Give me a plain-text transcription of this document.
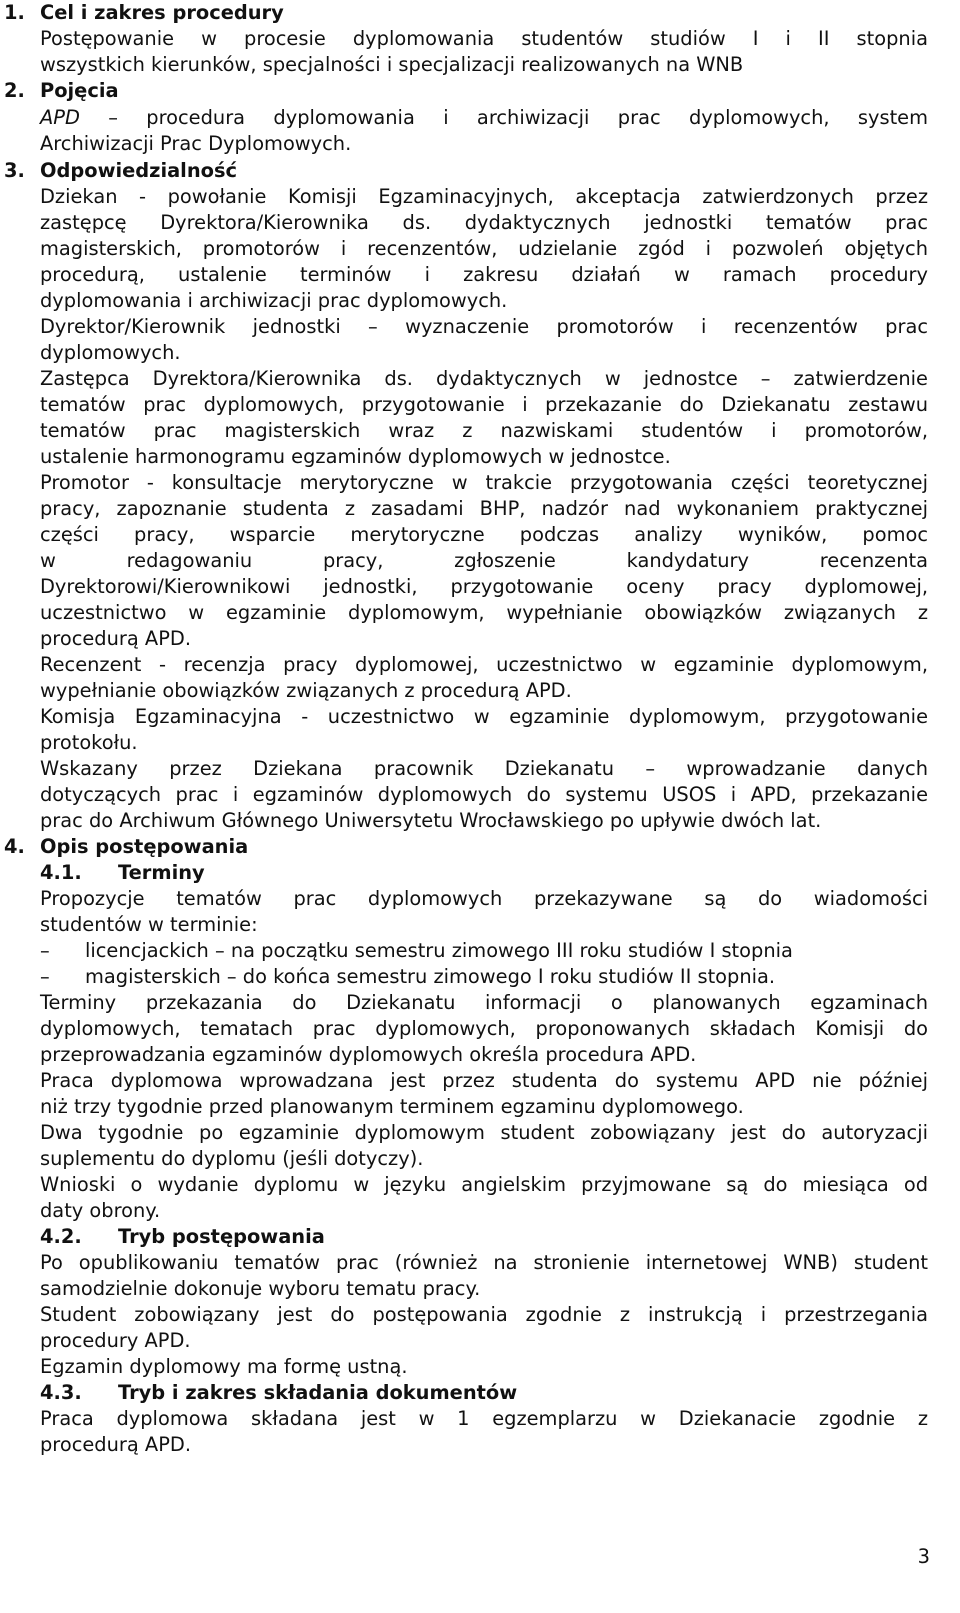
1. Cel i zakres procedury
Postępowanie w procesie dyplomowania studentów studiów I i II stopnia
wszystkich kierunków, specjalności i specjalizacji realizowanych na WNB
2. Pojęcia
APD – procedura dyplomowania i archiwizacji prac dyplomowych, system
Archiwizacji Prac Dyplomowych.
3. Odpowiedzialność
Dziekan - powołanie Komisji Egzaminacyjnych, akceptacja zatwierdzonych przez
zastępcę Dyrektora/Kierownika ds. dydaktycznych jednostki tematów prac
magisterskich, promotorów i recenzentów, udzielanie zgód i pozwoleń objętych
procedurą, ustalenie terminów i zakresu działań w ramach procedury
dyplomowania i archiwizacji prac dyplomowych.
Dyrektor/Kierownik jednostki – wyznaczenie promotorów i recenzentów prac
dyplomowych.
Zastępca Dyrektora/Kierownika ds. dydaktycznych w jednostce – zatwierdzenie
tematów prac dyplomowych, przygotowanie i przekazanie do Dziekanatu zestawu
tematów prac magisterskich wraz z nazwiskami studentów i promotorów,
ustalenie harmonogramu egzaminów dyplomowych w jednostce.
Promotor - konsultacje merytoryczne w trakcie przygotowania części teoretycznej
pracy, zapoznanie studenta z zasadami BHP, nadzór nad wykonaniem praktycznej
części pracy, wsparcie merytoryczne podczas analizy wyników, pomoc
w redagowaniu pracy, zgłoszenie kandydatury recenzenta
Dyrektorowi/Kierownikowi jednostki, przygotowanie oceny pracy dyplomowej,
uczestnictwo w egzaminie dyplomowym, wypełnianie obowiązków związanych z
procedurą APD.
Recenzent - recenzja pracy dyplomowej, uczestnictwo w egzaminie dyplomowym,
wypełnianie obowiązków związanych z procedurą APD.
Komisja Egzaminacyjna - uczestnictwo w egzaminie dyplomowym, przygotowanie
protokołu.
Wskazany przez Dziekana pracownik Dziekanatu – wprowadzanie danych
dotyczących prac i egzaminów dyplomowych do systemu USOS i APD, przekazanie
prac do Archiwum Głównego Uniwersytetu Wrocławskiego po upływie dwóch lat.
4. Opis postępowania
4.1. Terminy
Propozycje tematów prac dyplomowych przekazywane są do wiadomości
studentów w terminie:
– licencjackich – na początku semestru zimowego III roku studiów I stopnia
– magisterskich – do końca semestru zimowego I roku studiów II stopnia.
Terminy przekazania do Dziekanatu informacji o planowanych egzaminach
dyplomowych, tematach prac dyplomowych, proponowanych składach Komisji do
przeprowadzania egzaminów dyplomowych określa procedura APD.
Praca dyplomowa wprowadzana jest przez studenta do systemu APD nie później
niż trzy tygodnie przed planowanym terminem egzaminu dyplomowego.
Dwa tygodnie po egzaminie dyplomowym student zobowiązany jest do autoryzacji
suplementu do dyplomu (jeśli dotyczy).
Wnioski o wydanie dyplomu w języku angielskim przyjmowane są do miesiąca od
daty obrony.
4.2. Tryb postępowania
Po opublikowaniu tematów prac (również na stronienie internetowej WNB) student
samodzielnie dokonuje wyboru tematu pracy.
Student zobowiązany jest do postępowania zgodnie z instrukcją i przestrzegania
procedury APD.
Egzamin dyplomowy ma formę ustną.
4.3. Tryb i zakres składania dokumentów
Praca dyplomowa składana jest w 1 egzemplarzu w Dziekanacie zgodnie z
procedurą APD.
3
